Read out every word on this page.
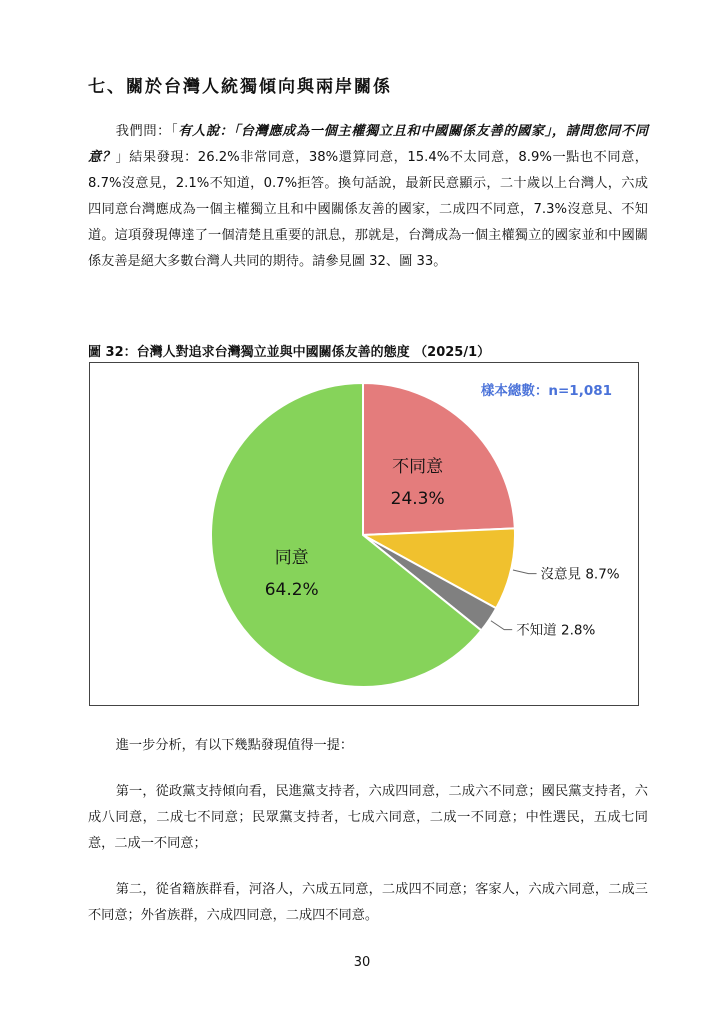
七、關於台灣人統獨傾向與兩岸關係
我們問：「有人說：「台灣應成為一個主權獨立且和中國關係友善的國家」，請問您同不同意？」結果發現：26.2%非常同意，38%還算同意，15.4%不太同意，8.9%一點也不同意，8.7%沒意見，2.1%不知道，0.7%拒答。換句話說，最新民意顯示，二十歲以上台灣人，六成四同意台灣應成為一個主權獨立且和中國關係友善的國家，二成四不同意，7.3%沒意見、不知道。這項發現傳達了一個清楚且重要的訊息，那就是，台灣成為一個主權獨立的國家並和中國關係友善是絕大多數台灣人共同的期待。請參見圖 32、圖 33。
圖 32：台灣人對追求台灣獨立並與中國關係友善的態度 （2025/1）
不同意
24.3%
沒意見 8.7%
不知道 2.8%
同意
64.2%
樣本總數：n=1,081
進一步分析，有以下幾點發現值得一提：
第一，從政黨支持傾向看，民進黨支持者，六成四同意，二成六不同意；國民黨支持者，六成八同意，二成七不同意；民眾黨支持者，七成六同意，二成一不同意；中性選民，五成七同意，二成一不同意；
第二，從省籍族群看，河洛人，六成五同意，二成四不同意；客家人，六成六同意，二成三不同意；外省族群，六成四同意，二成四不同意。
30
